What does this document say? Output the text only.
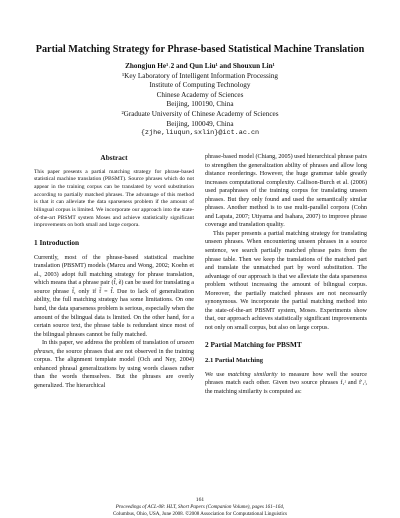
Partial Matching Strategy for Phrase-based Statistical Machine Translation
Zhongjun He¹˒2 and Qun Liu¹ and Shouxun Lin¹
¹Key Laboratory of Intelligent Information Processing
Institute of Computing Technology
Chinese Academy of Sciences
Beijing, 100190, China
²Graduate University of Chinese Academy of Sciences
Beijing, 100049, China
{zjhe,liuqun,sxlin}@ict.ac.cn
Abstract

This paper presents a partial matching strategy for phrase-based statistical machine translation (PBSMT). Source phrases which do not appear in the training corpus can be translated by word substitution according to partially matched phrases. The advantage of this method is that it can alleviate the data sparseness problem if the amount of bilingual corpus is limited. We incorporate our approach into the state-of-the-art PBSMT system Moses and achieve statistically significant improvements on both small and large corpora.

1 Introduction

Currently, most of the phrase-based statistical machine translation (PBSMT) models (Marcu and Wong, 2002; Koehn et al., 2003) adopt full matching strategy for phrase translation, which means that a phrase pair (f̃, ẽ) can be used for translating a source phrase f̄, only if f̄ = f̃. Due to lack of generalization ability, the full matching strategy has some limitations. On one hand, the data sparseness problem is serious, especially when the amount of the bilingual data is limited. On the other hand, for a certain source text, the phrase table is redundant since most of the bilingual phrases cannot be fully matched.

In this paper, we address the problem of translation of unseen phrases, the source phrases that are not observed in the training corpus. The alignment template model (Och and Ney, 2004) enhanced phrasal generalizations by using words classes rather than the words themselves. But the phrases are overly generalized. The hierarchical

phrase-based model (Chiang, 2005) used hierarchical phrase pairs to strengthen the generalization ability of phrases and allow long distance reorderings. However, the huge grammar table greatly increases computational complexity. Callison-Burch et al. (2006) used paraphrases of the training corpus for translating unseen phrases. But they only found and used the semantically similar phrases. Another method is to use multi-parallel corpora (Cohn and Lapata, 2007; Utiyama and Isahara, 2007) to improve phrase coverage and translation quality.

This paper presents a partial matching strategy for translating unseen phrases. When encountering unseen phrases in a source sentence, we search partially matched phrase pairs from the phrase table. Then we keep the translations of the matched part and translate the unmatched part by word substitution. The advantage of our approach is that we alleviate the data sparseness problem without increasing the amount of bilingual corpus. Moreover, the partially matched phrases are not necessarily synonymous. We incorporate the partial matching method into the state-of-the-art PBSMT system, Moses. Experiments show that, our approach achieves statistically significant improvements not only on small corpus, but also on large corpus.

2 Partial Matching for PBSMT
2.1 Partial Matching

We use matching similarity to measure how well the source phrases match each other. Given two source phrases f₁ʲ and f′₁ʲ, the matching similarity is computed as:

161
Proceedings of ACL-08: HLT, Short Papers (Companion Volume), pages 161–164,
Columbus, Ohio, USA, June 2008. ©2008 Association for Computational Linguistics
